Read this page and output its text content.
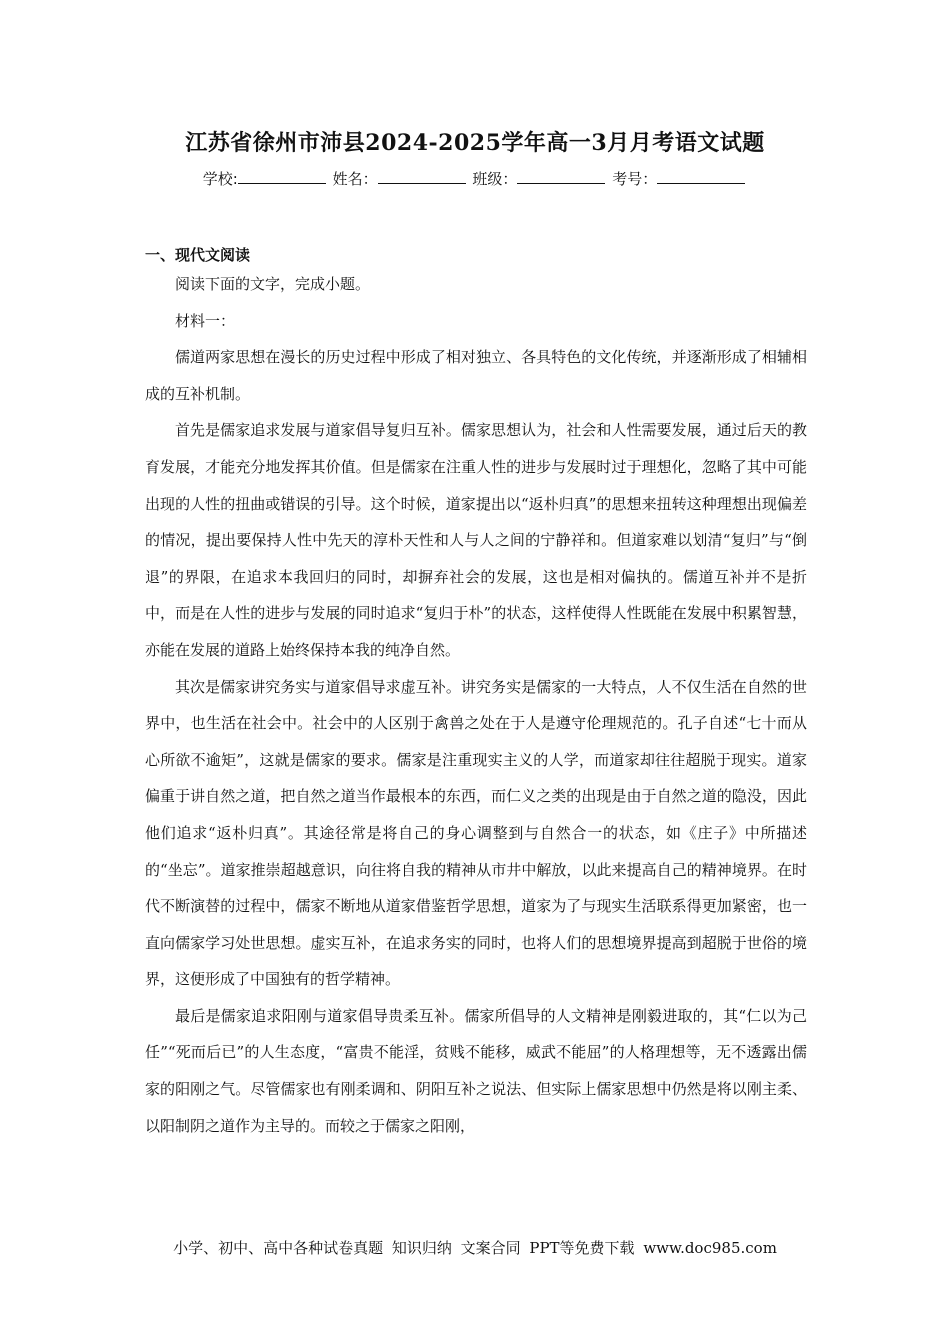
江苏省徐州市沛县2024-2025学年高一3月月考语文试题
学校:	姓名：	班级：	考号：
一、现代文阅读

阅读下面的文字，完成小题。

材料一：

儒道两家思想在漫长的历史过程中形成了相对独立、各具特色的文化传统，并逐渐形成了相辅相成的互补机制。

首先是儒家追求发展与道家倡导复归互补。儒家思想认为，社会和人性需要发展，通过后天的教育发展，才能充分地发挥其价值。但是儒家在注重人性的进步与发展时过于理想化，忽略了其中可能出现的人性的扭曲或错误的引导。这个时候，道家提出以“返朴归真”的思想来扭转这种理想出现偏差的情况，提出要保持人性中先天的淳朴天性和人与人之间的宁静祥和。但道家难以划清“复归”与“倒退”的界限，在追求本我回归的同时，却摒弃社会的发展，这也是相对偏执的。儒道互补并不是折中，而是在人性的进步与发展的同时追求“复归于朴”的状态，这样使得人性既能在发展中积累智慧，亦能在发展的道路上始终保持本我的纯净自然。

其次是儒家讲究务实与道家倡导求虚互补。讲究务实是儒家的一大特点，人不仅生活在自然的世界中，也生活在社会中。社会中的人区别于禽兽之处在于人是遵守伦理规范的。孔子自述“七十而从心所欲不逾矩”，这就是儒家的要求。儒家是注重现实主义的人学，而道家却往往超脱于现实。道家偏重于讲自然之道，把自然之道当作最根本的东西，而仁义之类的出现是由于自然之道的隐没，因此他们追求“返朴归真”。其途径常是将自己的身心调整到与自然合一的状态，如《庄子》中所描述的“坐忘”。道家推崇超越意识，向往将自我的精神从市井中解放，以此来提高自己的精神境界。在时代不断演替的过程中，儒家不断地从道家借鉴哲学思想，道家为了与现实生活联系得更加紧密，也一直向儒家学习处世思想。虚实互补，在追求务实的同时，也将人们的思想境界提高到超脱于世俗的境界，这便形成了中国独有的哲学精神。

最后是儒家追求阳刚与道家倡导贵柔互补。儒家所倡导的人文精神是刚毅进取的，其“仁以为己任”“死而后已”的人生态度，“富贵不能淫，贫贱不能移，威武不能屈”的人格理想等，无不透露出儒家的阳刚之气。尽管儒家也有刚柔调和、阴阳互补之说法、但实际上儒家思想中仍然是将以刚主柔、以阳制阴之道作为主导的。而较之于儒家之阳刚，

小学、初中、高中各种试卷真题 知识归纳 文案合同 PPT等免费下载 www.doc985.com
